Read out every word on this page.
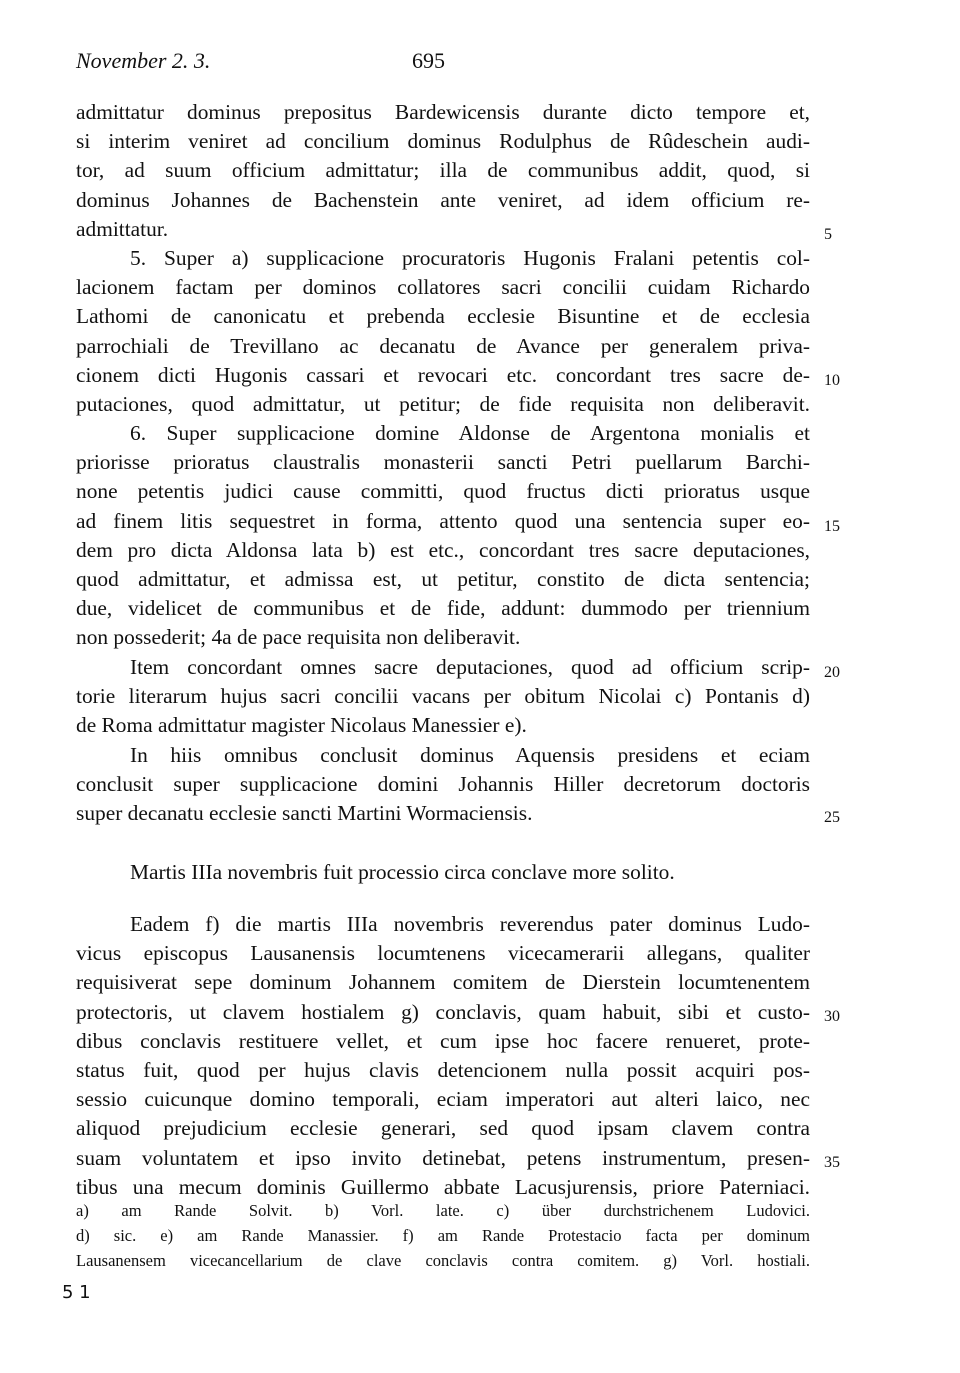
November 2. 3.	695
admittatur dominus prepositus Bardewicensis durante dicto tempore et,
si interim veniret ad concilium dominus Rodulphus de Rûdeschein audi-
tor, ad suum officium admittatur; illa de communibus addit, quod, si
dominus Johannes de Bachenstein ante veniret, ad idem officium re-
admittatur.
5. Super a) supplicacione procuratoris Hugonis Fralani petentis col-
lacionem factam per dominos collatores sacri concilii cuidam Richardo
Lathomi de canonicatu et prebenda ecclesie Bisuntine et de ecclesia
parrochiali de Trevillano ac decanatu de Avance per generalem priva-
cionem dicti Hugonis cassari et revocari etc. concordant tres sacre de-
putaciones, quod admittatur, ut petitur; de fide requisita non deliberavit.
6. Super supplicacione domine Aldonse de Argentona monialis et
priorisse prioratus claustralis monasterii sancti Petri puellarum Barchi-
none petentis judici cause committi, quod fructus dicti prioratus usque
ad finem litis sequestret in forma, attento quod una sentencia super eo-
dem pro dicta Aldonsa lata b) est etc., concordant tres sacre deputaciones,
quod admittatur, et admissa est, ut petitur, constito de dicta sentencia;
due, videlicet de communibus et de fide, addunt: dummodo per triennium
non possederit; 4a de pace requisita non deliberavit.
Item concordant omnes sacre deputaciones, quod ad officium scrip-
torie literarum hujus sacri concilii vacans per obitum Nicolai c) Pontanis d)
de Roma admittatur magister Nicolaus Manessier e).
In hiis omnibus conclusit dominus Aquensis presidens et eciam
conclusit super supplicacione domini Johannis Hiller decretorum doctoris
super decanatu ecclesie sancti Martini Wormaciensis.
Martis IIIa novembris fuit processio circa conclave more solito.
Eadem f) die martis IIIa novembris reverendus pater dominus Ludo-
vicus episcopus Lausanensis locumtenens vicecamerarii allegans, qualiter
requisiverat sepe dominum Johannem comitem de Dierstein locumtenentem
protectoris, ut clavem hostialem g) conclavis, quam habuit, sibi et custo-
dibus conclavis restituere vellet, et cum ipse hoc facere renueret, prote-
status fuit, quod per hujus clavis detencionem nulla possit acquiri pos-
sessio cuicunque domino temporali, eciam imperatori aut alteri laico, nec
aliquod prejudicium ecclesie generari, sed quod ipsam clavem contra
suam voluntatem et ipso invito detinebat, petens instrumentum, presen-
tibus una mecum dominis Guillermo abbate Lacusjurensis, priore Paterniaci.
5
10
15
20
25
30
35
a) am Rande Solvit. b) Vorl. late. c) über durchstrichenem Ludovici.
d) sic. e) am Rande Manassier. f) am Rande Protestacio facta per dominum
Lausanensem vicecancellarium de clave conclavis contra comitem. g) Vorl. hostiali.
5 1
